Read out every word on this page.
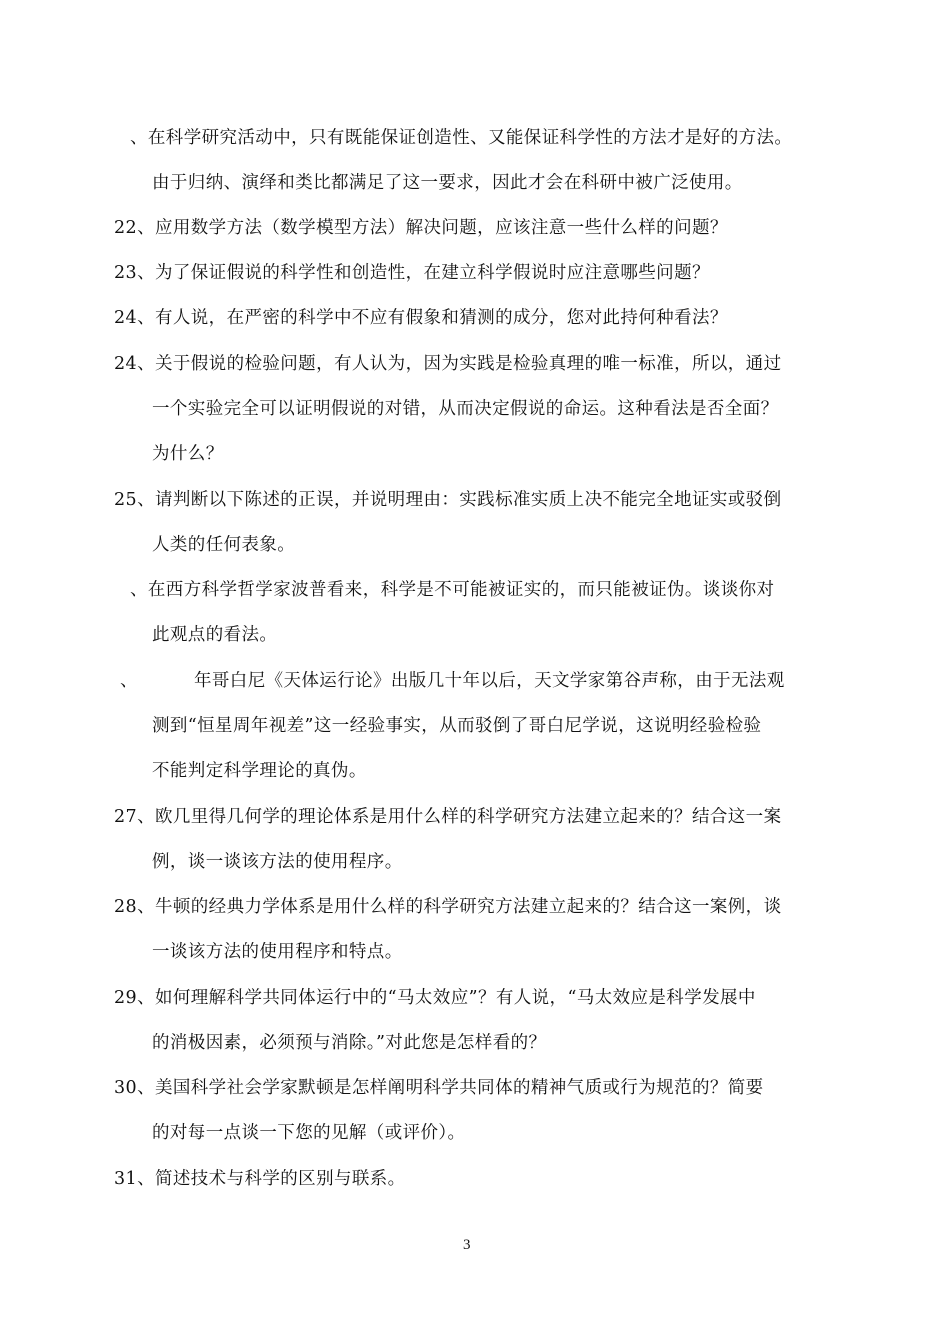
、在科学研究活动中，只有既能保证创造性、又能保证科学性的方法才是好的方法。
由于归纳、演绎和类比都满足了这一要求，因此才会在科研中被广泛使用。
22、应用数学方法（数学模型方法）解决问题，应该注意一些什么样的问题？
23、为了保证假说的科学性和创造性，在建立科学假说时应注意哪些问题？
24、有人说，在严密的科学中不应有假象和猜测的成分，您对此持何种看法？
24、关于假说的检验问题，有人认为，因为实践是检验真理的唯一标准，所以，通过
一个实验完全可以证明假说的对错，从而决定假说的命运。这种看法是否全面？
为什么？
25、请判断以下陈述的正误，并说明理由：实践标准实质上决不能完全地证实或驳倒
人类的任何表象。
、在西方科学哲学家波普看来，科学是不可能被证实的，而只能被证伪。谈谈你对
此观点的看法。
、	年哥白尼《天体运行论》出版几十年以后，天文学家第谷声称，由于无法观
测到“恒星周年视差”这一经验事实，从而驳倒了哥白尼学说，这说明经验检验
不能判定科学理论的真伪。
27、欧几里得几何学的理论体系是用什么样的科学研究方法建立起来的？结合这一案
例，谈一谈该方法的使用程序。
28、牛顿的经典力学体系是用什么样的科学研究方法建立起来的？结合这一案例，谈
一谈该方法的使用程序和特点。
29、如何理解科学共同体运行中的“马太效应”？有人说，“马太效应是科学发展中
的消极因素，必须预与消除。”对此您是怎样看的？
30、美国科学社会学家默顿是怎样阐明科学共同体的精神气质或行为规范的？简要
的对每一点谈一下您的见解（或评价）。
31、简述技术与科学的区别与联系。
3
